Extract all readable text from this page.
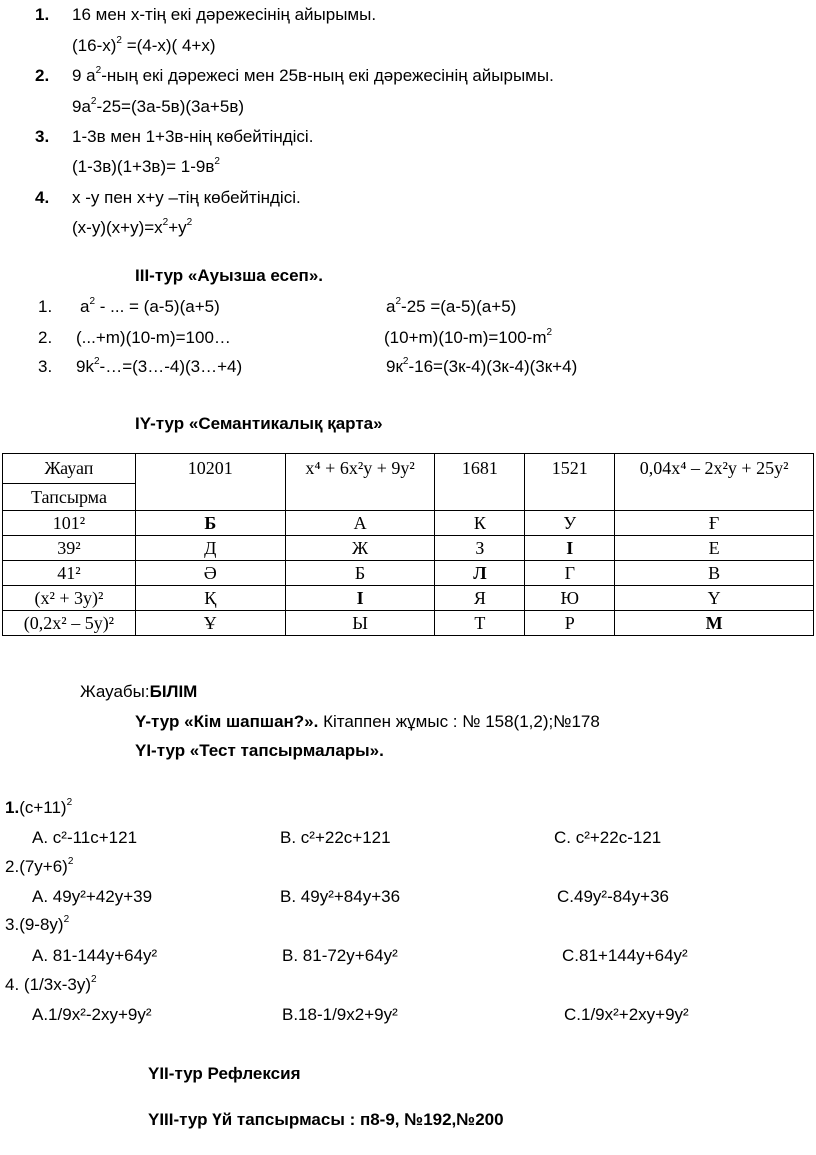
1. 16 мен х-тің екі дәрежесінің айырымы.
$(16-х)^2 =(4-х)$( 4+х)
2. 9 $а^2$-ның екі дәрежесі мен 25в-ның екі дәрежесінің айырымы.
$9а^2-25=(3а-5в)(3а+5в)$
3. 1-3в мен 1+3в-нің көбейтіндісі.
$(1-3в)(1+3в)= 1-9в^2$
4. х -у пен х+у –тің көбейтіндісі.
$(х-у)(х+у)=х^2+у^2$
ІІІ-тур «Ауызша есеп».
1. $а^2$ - ... = (а-5)(а+5)	$а^2-25 =(а-5)(а+5)$
2. (...+m)(10-m)=100…	$(10+m)(10-m)=100-m^2$
3. $9k^2-\dots=(3\dots-4)(3\dots+4)$	$9к^2-16=(3к-4)(3к-4)(3к+4)$
ІY-тур «Семантикалық қарта»
Жауап	10201	х⁴ + 6х²у + 9у²	1681	1521	0,04х⁴ – 2х²у + 25у²
Тапсырма					
101²	Б	А	К	У	Ғ
39²	Д	Ж	З	І	Е
41²	Ә	Б	Л	Г	В
(х² + 3у)²	Қ	І	Я	Ю	Ү
(0,2х² – 5у)²	Ұ	Ы	Т	Р	М
Жауабы:БІЛІМ
Y-тур «Кім шапшан?». Кітаппен жұмыс : № 158(1,2);№178
YІ-тур «Тест тапсырмалары».
$1.(с+11)^2$
А. с²-11с+121	В. с²+22с+121	С. с²+22с-121
$2.(7у+6)^2$
А. 49у²+42у+39	В. 49у²+84у+36	С.49у²-84у+36
$3.(9-8у)^2$
А. 81-144у+64у²	В. 81-72у+64у²	С.81+144у+64у²
4. $(1/3х-3у)^2$
А.1/9х²-2ху+9у²	В.18-1/9х2+9у²	С.1/9х²+2ху+9у²
YІІ-тур Рефлексия
YІІІ-тур Үй тапсырмасы : п8-9, №192,№200
